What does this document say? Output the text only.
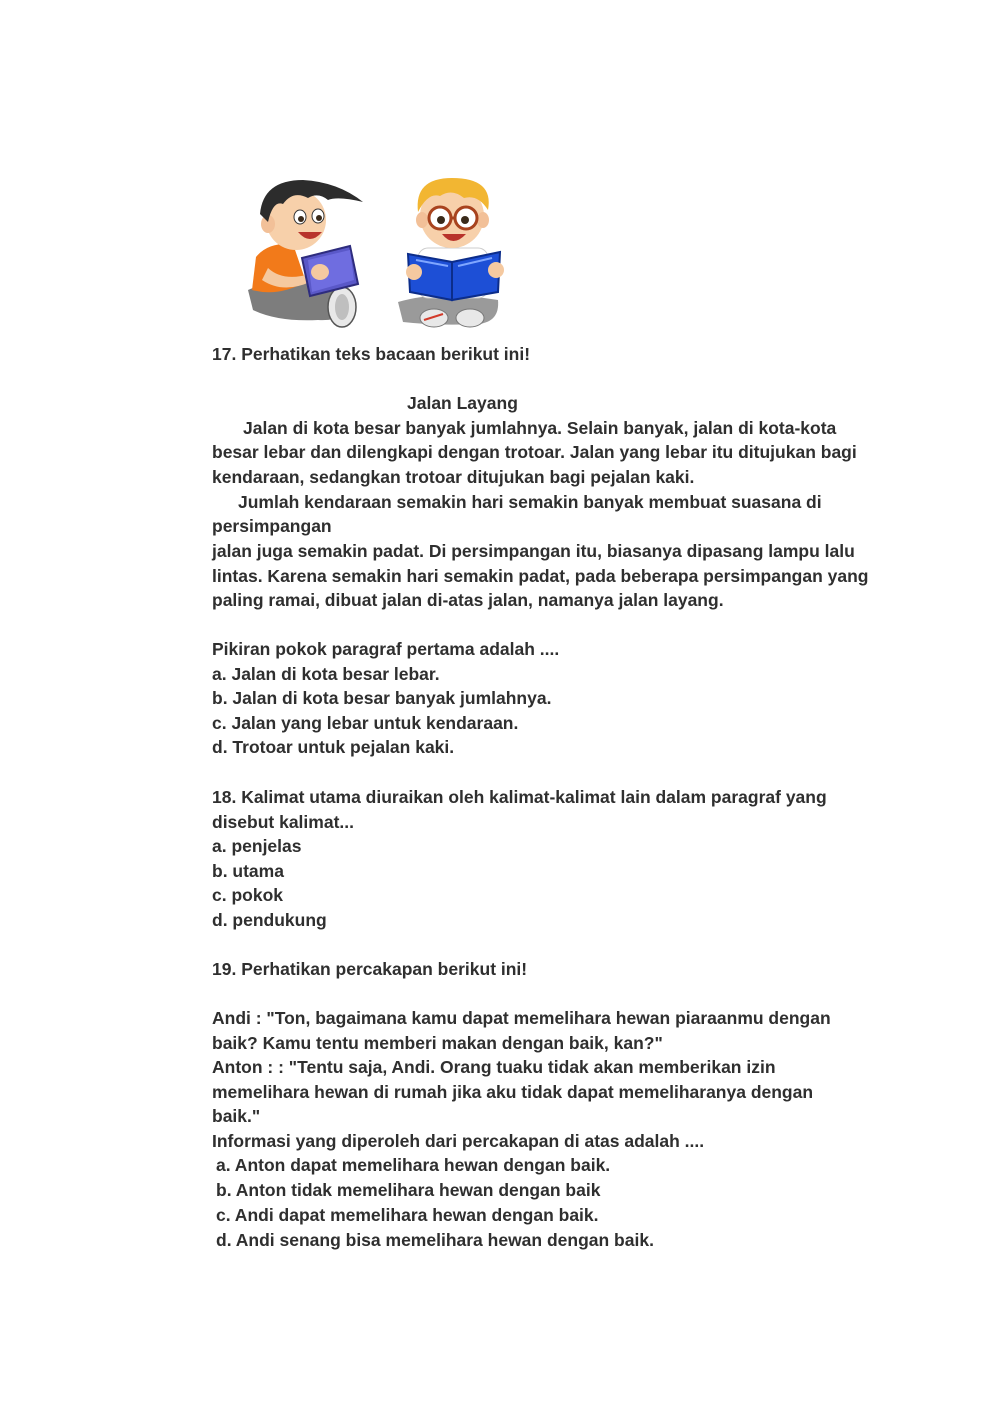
17. Perhatikan teks bacaan berikut ini!
Jalan Layang
Jalan di kota besar banyak jumlahnya. Selain banyak, jalan di kota-kota
besar lebar dan dilengkapi dengan trotoar. Jalan yang lebar itu ditujukan bagi
kendaraan, sedangkan trotoar ditujukan bagi pejalan kaki.
Jumlah kendaraan semakin hari semakin banyak membuat suasana di
persimpangan
jalan juga semakin padat. Di persimpangan itu, biasanya dipasang lampu lalu
lintas. Karena semakin hari semakin padat, pada beberapa persimpangan yang
paling ramai, dibuat jalan di-atas jalan, namanya jalan layang.
Pikiran pokok paragraf pertama adalah ....
a. Jalan di kota besar lebar.
b. Jalan di kota besar banyak jumlahnya.
c. Jalan yang lebar untuk kendaraan.
d. Trotoar untuk pejalan kaki.
18. Kalimat utama diuraikan oleh kalimat-kalimat lain dalam paragraf yang
disebut kalimat...
a. penjelas
b. utama
c. pokok
d. pendukung
19. Perhatikan percakapan berikut ini!
Andi : "Ton, bagaimana kamu dapat memelihara hewan piaraanmu dengan
baik? Kamu tentu memberi makan dengan baik, kan?"
Anton : : "Tentu saja, Andi. Orang tuaku tidak akan memberikan izin
memelihara hewan di rumah jika aku tidak dapat memeliharanya dengan
baik."
Informasi yang diperoleh dari percakapan di atas adalah ....
a. Anton dapat memelihara hewan dengan baik.
b. Anton tidak memelihara hewan dengan baik
c. Andi dapat memelihara hewan dengan baik.
d. Andi senang bisa memelihara hewan dengan baik.
